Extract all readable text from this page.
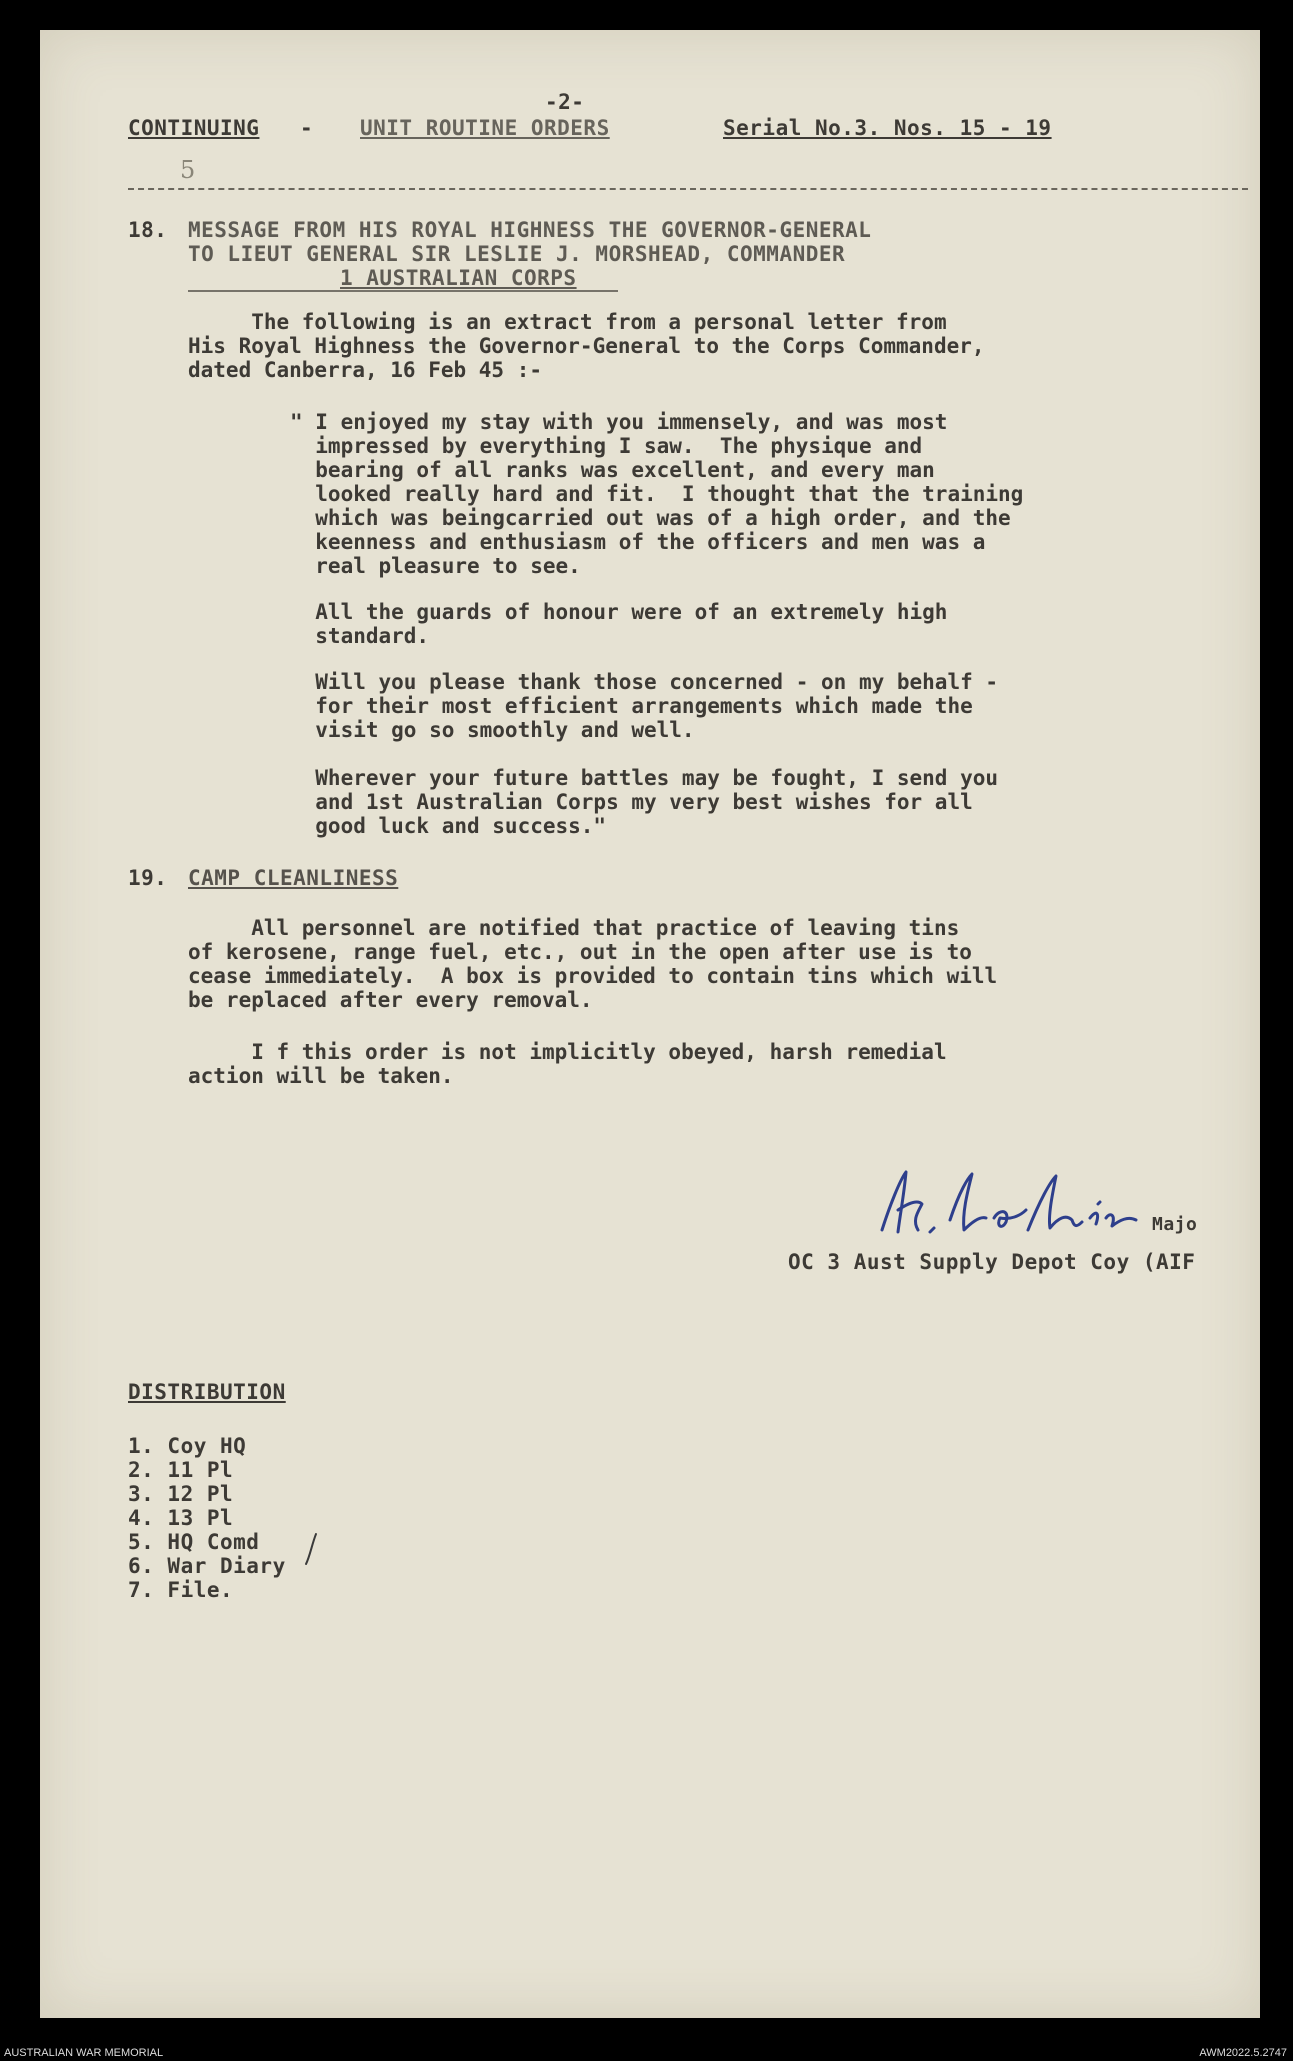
-2-
CONTINUING - UNIT ROUTINE ORDERS	Serial No.3. Nos. 15 - 19
5
18. MESSAGE FROM HIS ROYAL HIGHNESS THE GOVERNOR-GENERAL
TO LIEUT GENERAL SIR LESLIE J. MORSHEAD, COMMANDER
1 AUSTRALIAN CORPS
The following is an extract from a personal letter from
His Royal Highness the Governor-General to the Corps Commander,
dated Canberra, 16 Feb 45 :-
" I enjoyed my stay with you immensely, and was most
impressed by everything I saw.  The physique and
bearing of all ranks was excellent, and every man
looked really hard and fit.  I thought that the training
which was beingcarried out was of a high order, and the
keenness and enthusiasm of the officers and men was a
real pleasure to see.
All the guards of honour were of an extremely high
standard.
Will you please thank those concerned - on my behalf -
for their most efficient arrangements which made the
visit go so smoothly and well.
Wherever your future battles may be fought, I send you
and 1st Australian Corps my very best wishes for all
good luck and success."
19. CAMP CLEANLINESS
All personnel are notified that practice of leaving tins
of kerosene, range fuel, etc., out in the open after use is to
cease immediately.  A box is provided to contain tins which will
be replaced after every removal.
I f this order is not implicitly obeyed, harsh remedial
action will be taken.
Majo
OC 3 Aust Supply Depot Coy (AIF
DISTRIBUTION
1. Coy HQ
2. 11 Pl
3. 12 Pl
4. 13 Pl
5. HQ Comd
6. War Diary
7. File.
AUSTRALIAN WAR MEMORIAL	AWM2022.5.2747
